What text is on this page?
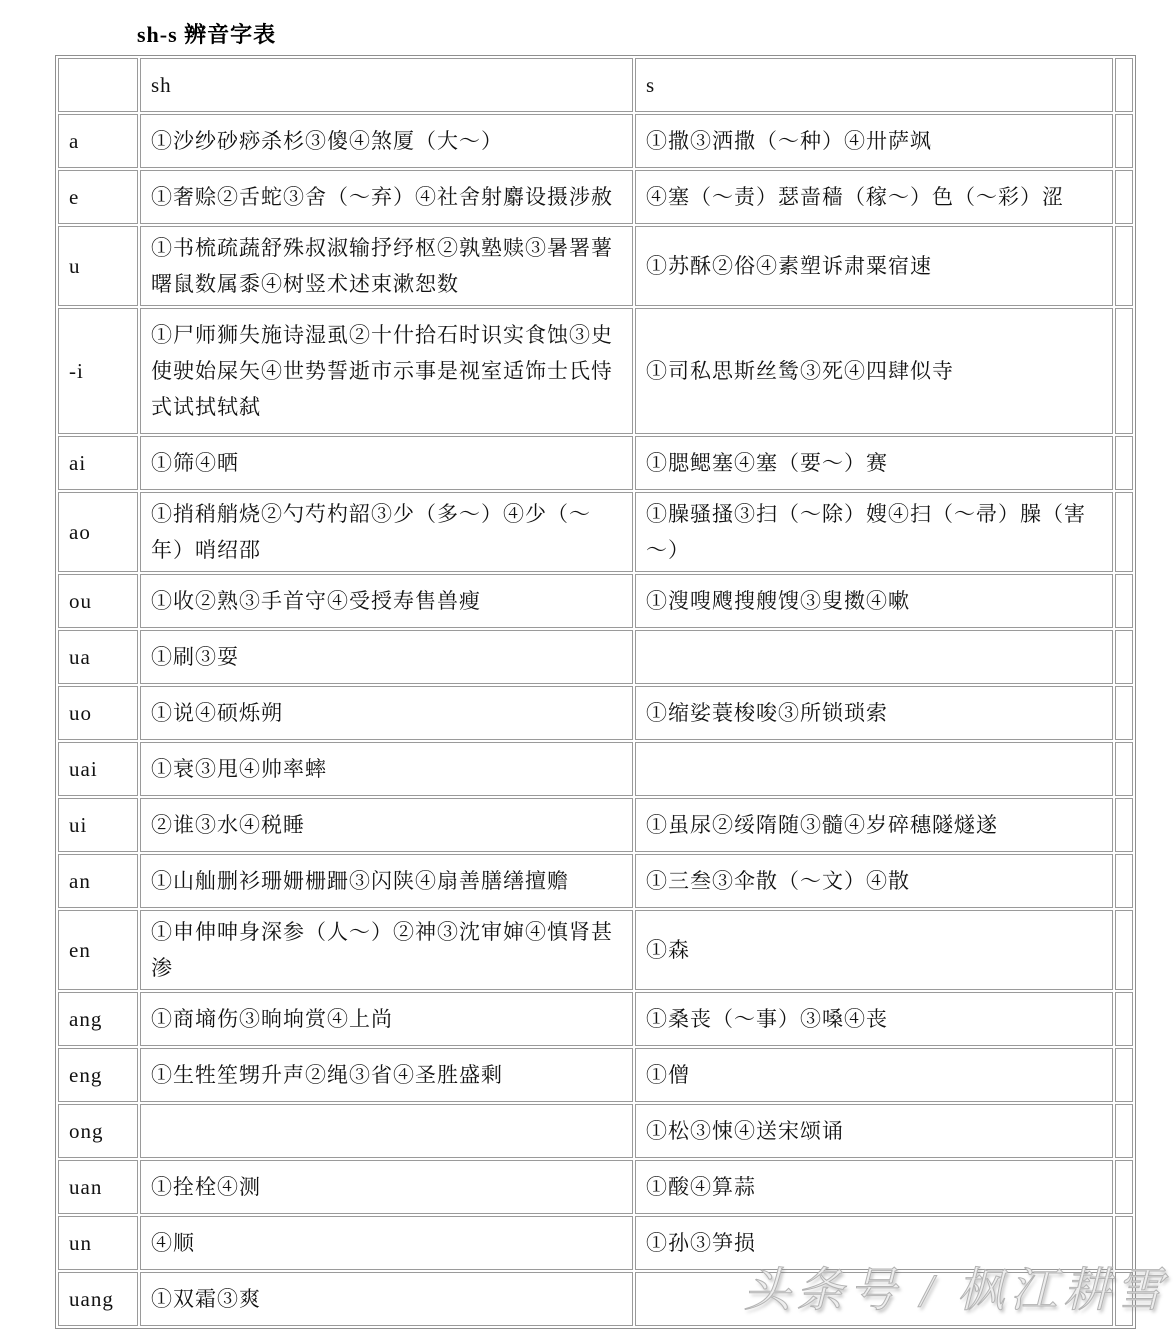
sh-s 辨音字表
	sh	s	
a	①沙纱砂痧杀杉③傻④煞厦（大～）	①撒③洒撒（～种）④卅萨飒	
e	①奢赊②舌蛇③舍（～弃）④社舍射麝设摄涉赦	④塞（～责）瑟啬穑（稼～）色（～彩）涩	
u	①书梳疏蔬舒殊叔淑输抒纾枢②孰塾赎③暑署薯曙鼠数属黍④树竖术述束漱恕数	①苏酥②俗④素塑诉肃粟宿速	
-i	①尸师狮失施诗湿虱②十什拾石时识实食蚀③史使驶始屎矢④世势誓逝市示事是视室适饰士氏恃式试拭轼弑	①司私思斯丝鸶③死④四肆似寺	
ai	①筛④晒	①腮鳃塞④塞（要～）赛	
ao	①捎稍艄烧②勺芍杓韶③少（多～）④少（～年）哨绍邵	①臊骚搔③扫（～除）嫂④扫（～帚）臊（害～）	
ou	①收②熟③手首守④受授寿售兽瘦	①溲嗖飕搜艘馊③叟擞④嗽	
ua	①刷③耍		
uo	①说④硕烁朔	①缩娑蓑梭唆③所锁琐索	
uai	①衰③甩④帅率蟀		
ui	②谁③水④税睡	①虽尿②绥隋随③髓④岁碎穗隧燧遂	
an	①山舢删衫珊姗栅跚③闪陕④扇善膳缮擅赡	①三叁③伞散（～文）④散	
en	①申伸呻身深参（人～）②神③沈审婶④慎肾甚渗	①森	
ang	①商墒伤③晌垧赏④上尚	①桑丧（～事）③嗓④丧	
eng	①生牲笙甥升声②绳③省④圣胜盛剩	①僧	
ong		①松③悚④送宋颂诵	
uan	①拴栓④测	①酸④算蒜	
un	④顺	①孙③笋损	
uang	①双霜③爽			头条号 / 枫江耕雪
